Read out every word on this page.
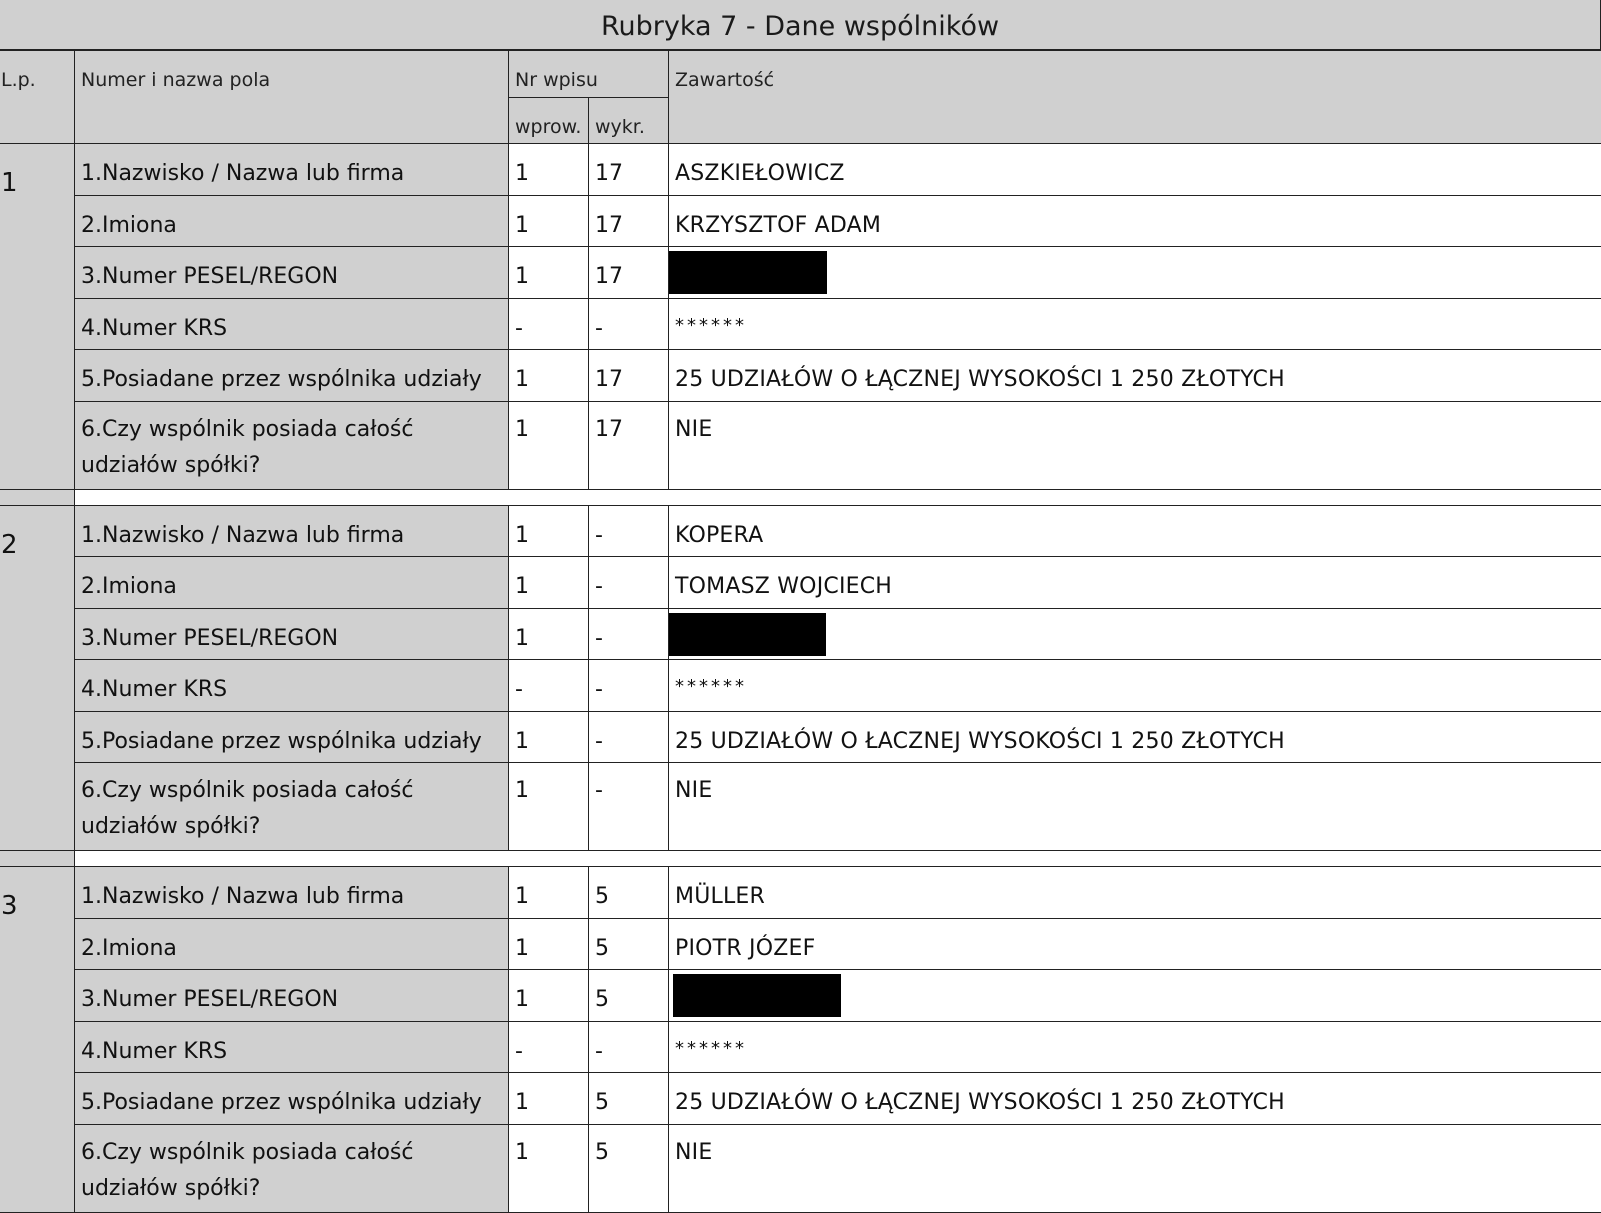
Rubryka 7 - Dane wspólników
L.p.	Numer i nazwa pola	Nr wpisu		Zawartość

		wprow.	wykr.	

1	1.Nazwisko / Nazwa lub firma	1	17	ASZKIEŁOWICZ
	2.Imiona	1	17	KRZYSZTOF ADAM
	3.Numer PESEL/REGON	1	17	
	4.Numer KRS	-	-	******
	5.Posiadane przez wspólnika udziały	1	17	25 UDZIAŁÓW O ŁĄCZNEJ WYSOKOŚCI 1 250 ZŁOTYCH
	6.Czy wspólnik posiada całość
udziałów spółki?	1	17	NIE

2	1.Nazwisko / Nazwa lub firma	1	-	KOPERA
	2.Imiona	1	-	TOMASZ WOJCIECH
	3.Numer PESEL/REGON	1	-	
	4.Numer KRS	-	-	******
	5.Posiadane przez wspólnika udziały	1	-	25 UDZIAŁÓW O ŁACZNEJ WYSOKOŚCI 1 250 ZŁOTYCH
	6.Czy wspólnik posiada całość
udziałów spółki?	1	-	NIE

3	1.Nazwisko / Nazwa lub firma	1	5	MÜLLER
	2.Imiona	1	5	PIOTR JÓZEF
	3.Numer PESEL/REGON	1	5	
	4.Numer KRS	-	-	******
	5.Posiadane przez wspólnika udziały	1	5	25 UDZIAŁÓW O ŁĄCZNEJ WYSOKOŚCI 1 250 ZŁOTYCH
	6.Czy wspólnik posiada całość
udziałów spółki?	1	5	NIE
